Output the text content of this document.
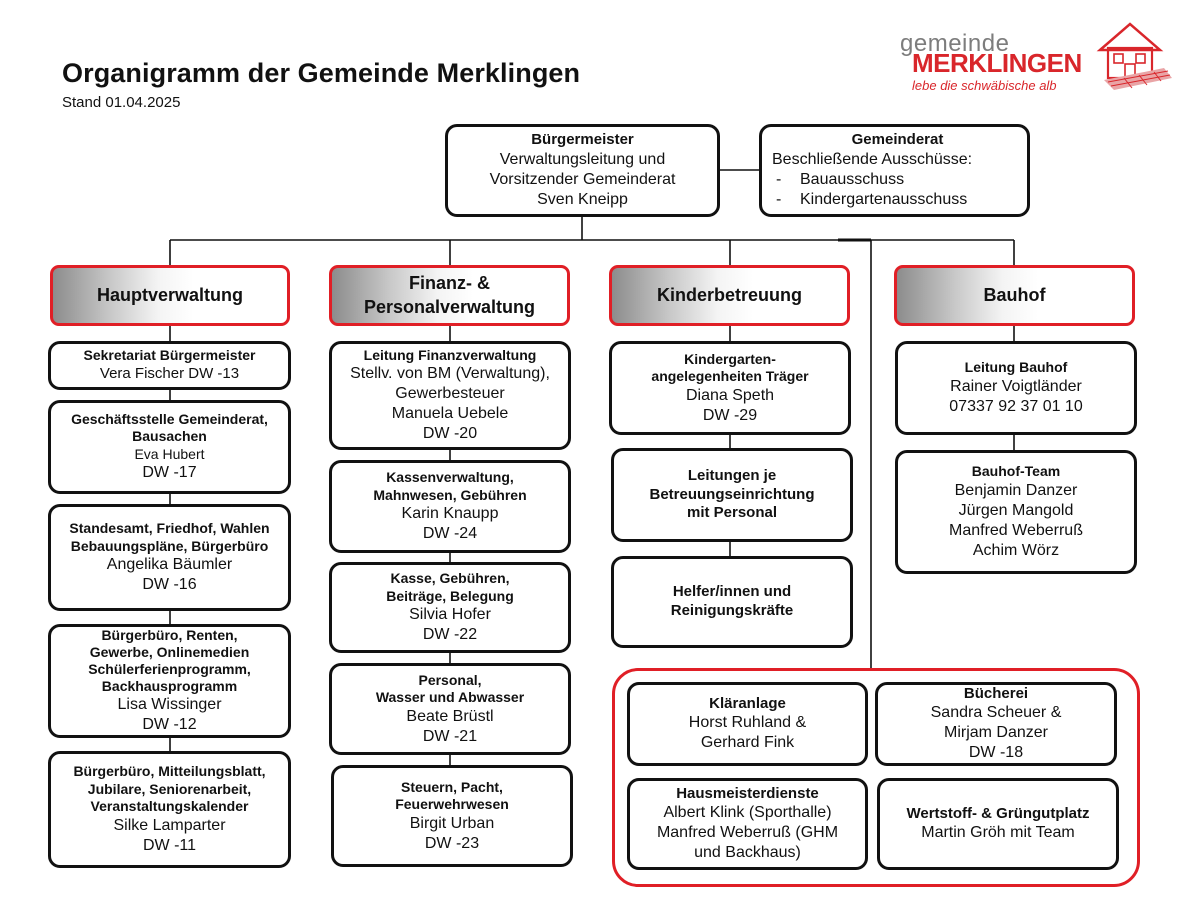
Organigramm der Gemeinde Merklingen
Stand 01.04.2025
gemeinde
MERKLINGEN
lebe die schwäbische alb
Bürgermeister
Verwaltungsleitung und
Vorsitzender Gemeinderat
Sven Kneipp
Gemeinderat
Beschließende Ausschüsse:
- Bauausschuss
- Kindergartenausschuss
Hauptverwaltung
Finanz- &
Personalverwaltung
Kinderbetreuung	Bauhof
Sekretariat Bürgermeister
Vera Fischer DW -13
Geschäftsstelle Gemeinderat,
Bausachen
Eva Hubert
DW -17
Standesamt, Friedhof, Wahlen
Bebauungspläne, Bürgerbüro
Angelika Bäumler
DW -16
Bürgerbüro, Renten,
Gewerbe, Onlinemedien
Schülerferienprogramm,
Backhausprogramm
Lisa Wissinger
DW -12
Bürgerbüro, Mitteilungsblatt,
Jubilare, Seniorenarbeit,
Veranstaltungskalender
Silke Lamparter
DW -11
Leitung Finanzverwaltung
Stellv. von BM (Verwaltung),
Gewerbesteuer
Manuela Uebele
DW -20
Kassenverwaltung,
Mahnwesen, Gebühren
Karin Knaupp
DW -24
Kasse, Gebühren,
Beiträge, Belegung
Silvia Hofer
DW -22
Personal,
Wasser und Abwasser
Beate Brüstl
DW -21
Steuern, Pacht,
Feuerwehrwesen
Birgit Urban
DW -23
Kindergarten-
angelegenheiten Träger
Diana Speth
DW -29
Leitungen je
Betreuungseinrichtung
mit Personal
Helfer/innen und
Reinigungskräfte
Leitung Bauhof
Rainer Voigtländer
07337 92 37 01 10
Bauhof-Team
Benjamin Danzer
Jürgen Mangold
Manfred Weberruß
Achim Wörz
Kläranlage
Horst Ruhland &
Gerhard Fink
Bücherei
Sandra Scheuer &
Mirjam Danzer
DW -18
Hausmeisterdienste
Albert Klink (Sporthalle)
Manfred Weberruß (GHM
und Backhaus)
Wertstoff- & Grüngutplatz
Martin Gröh mit Team
